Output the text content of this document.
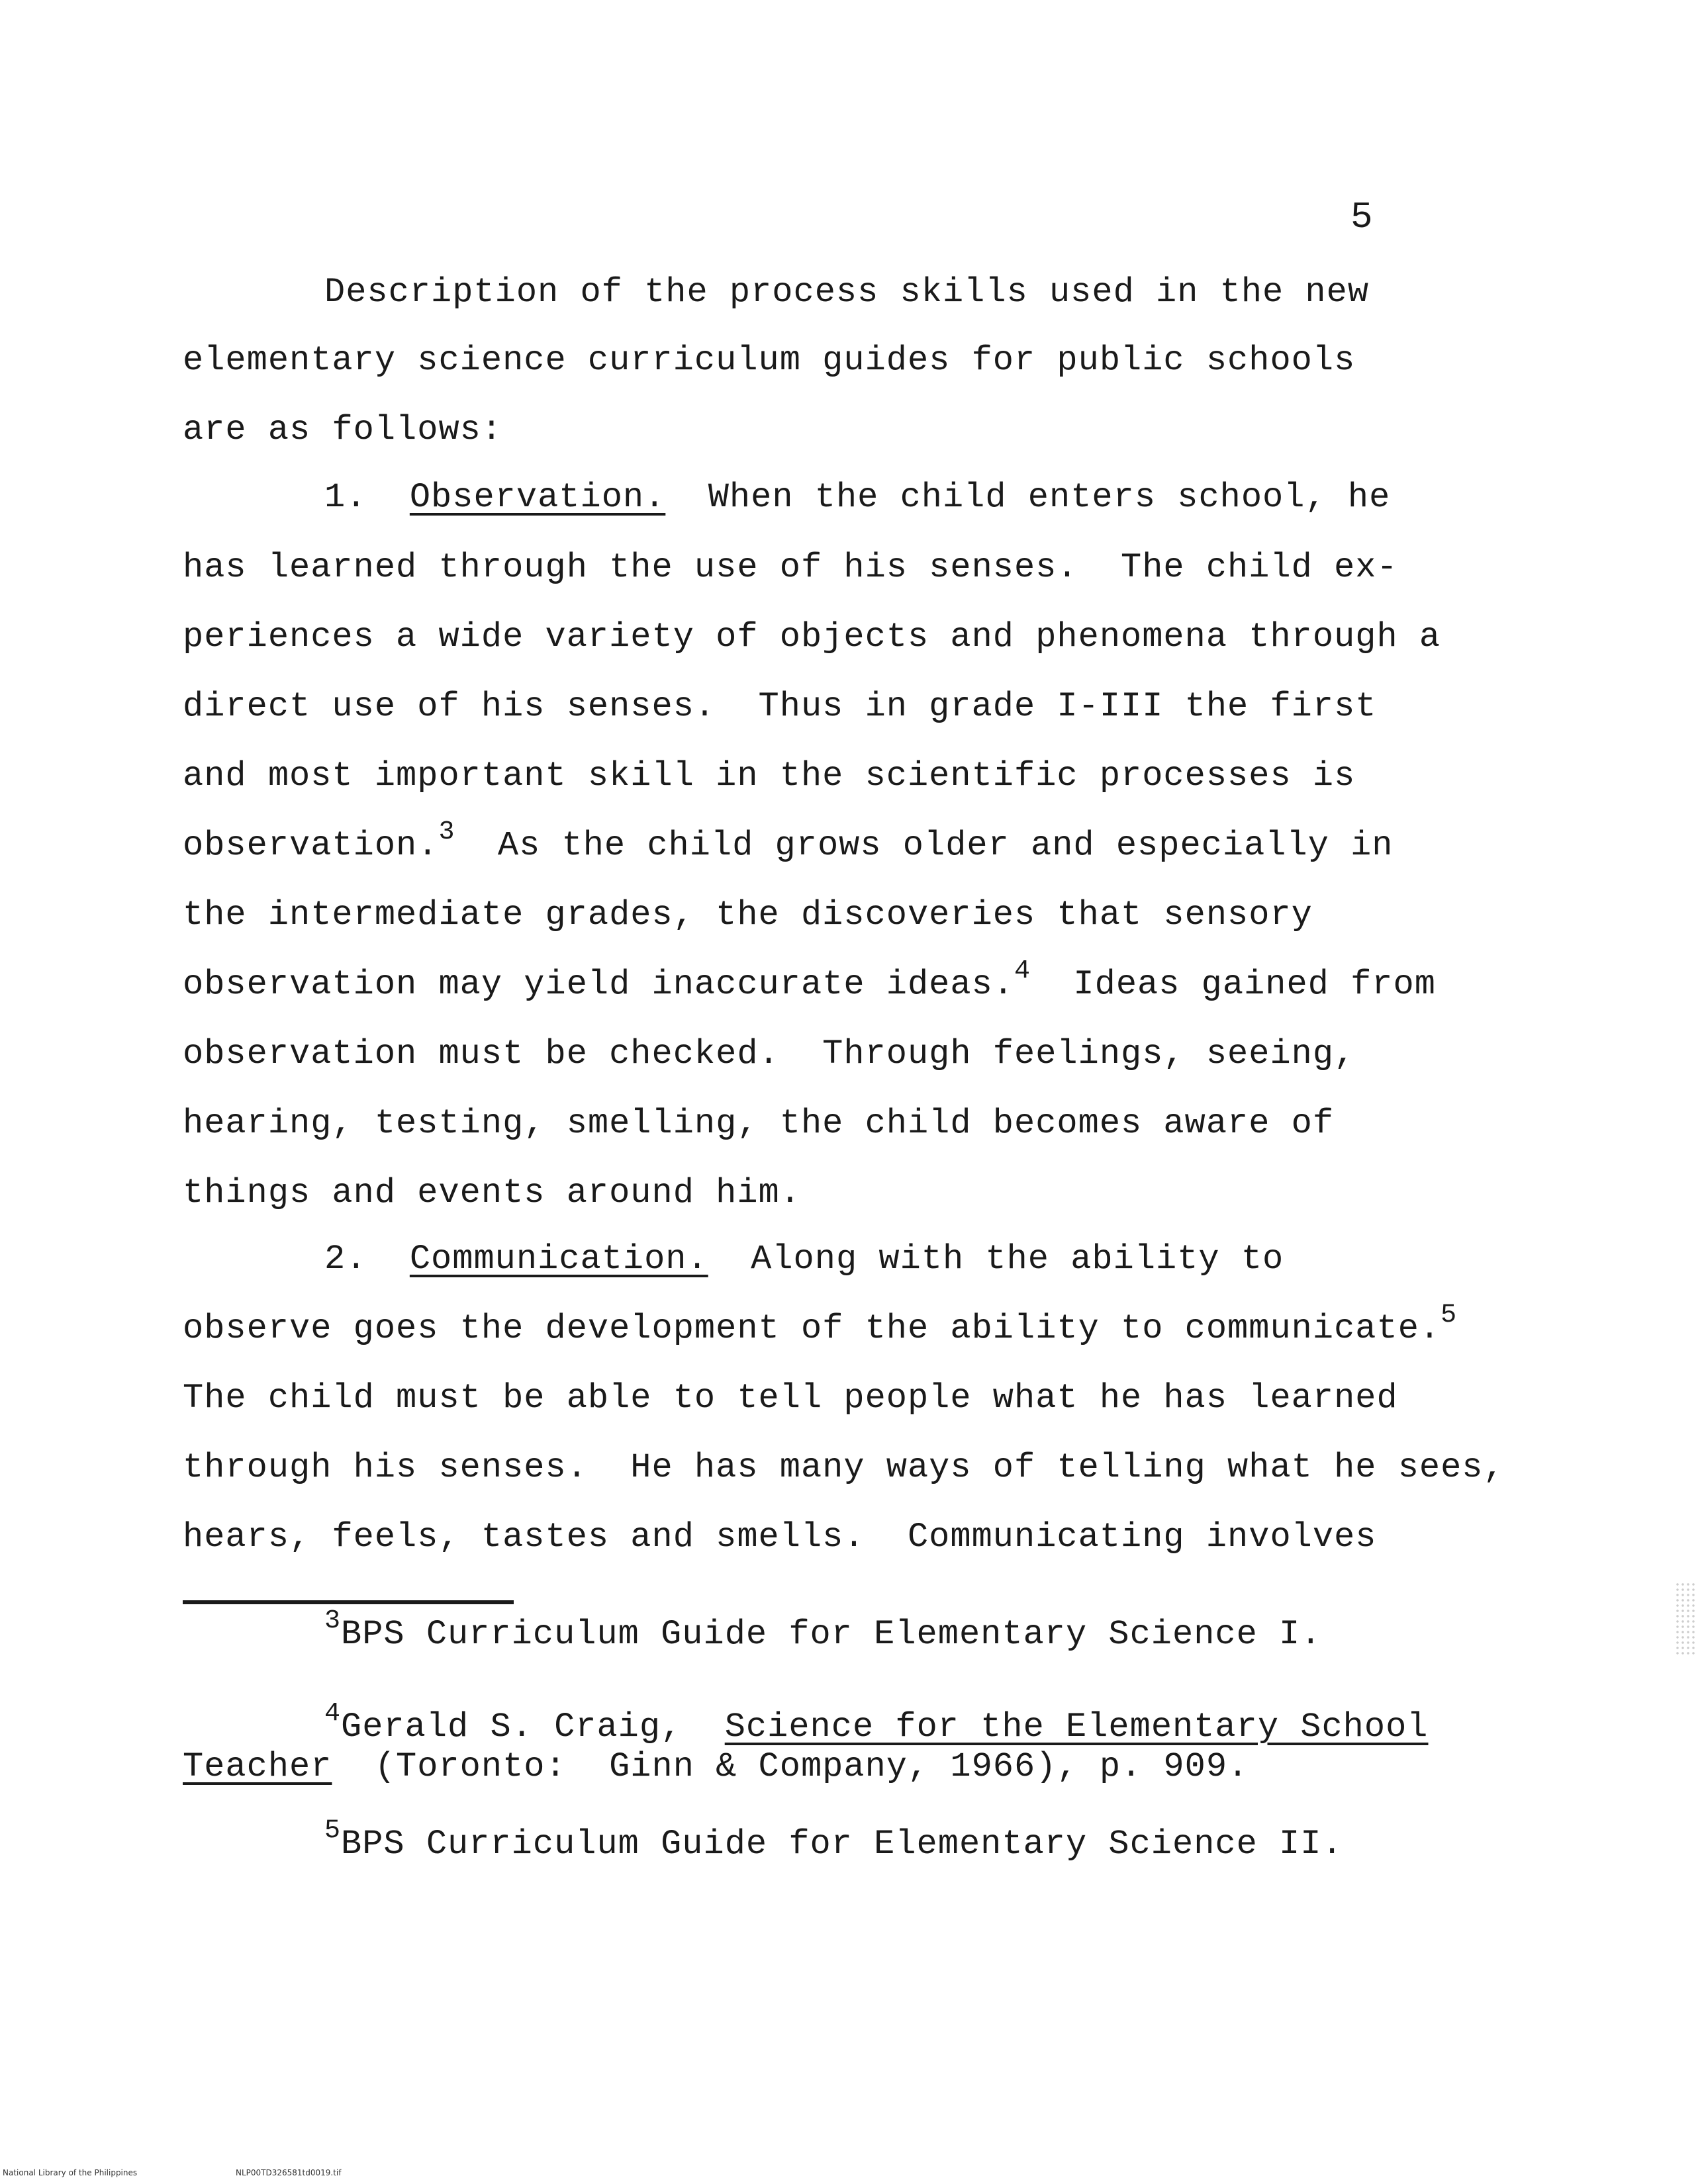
5
Description of the process skills used in the new
elementary science curriculum guides for public schools
are as follows:
1. Observation.  When the child enters school, he
has learned through the use of his senses.  The child ex-
periences a wide variety of objects and phenomena through a
direct use of his senses.  Thus in grade I-III the first
and most important skill in the scientific processes is
observation.$^3$  As the child grows older and especially in
the intermediate grades, the discoveries that sensory
observation may yield inaccurate ideas.$^4$  Ideas gained from
observation must be checked.  Through feelings, seeing,
hearing, testing, smelling, the child becomes aware of
things and events around him.
2. Communication.  Along with the ability to
observe goes the development of the ability to communicate.$^5$
The child must be able to tell people what he has learned
through his senses.  He has many ways of telling what he sees,
hears, feels, tastes and smells.  Communicating involves
$^3$BPS Curriculum Guide for Elementary Science I.
$^4$Gerald S. Craig,  Science for the Elementary School
Teacher  (Toronto:  Ginn & Company, 1966), p. 909.
$^5$BPS Curriculum Guide for Elementary Science II.
National Library of the Philippines	NLP00TD326581td0019.tif
